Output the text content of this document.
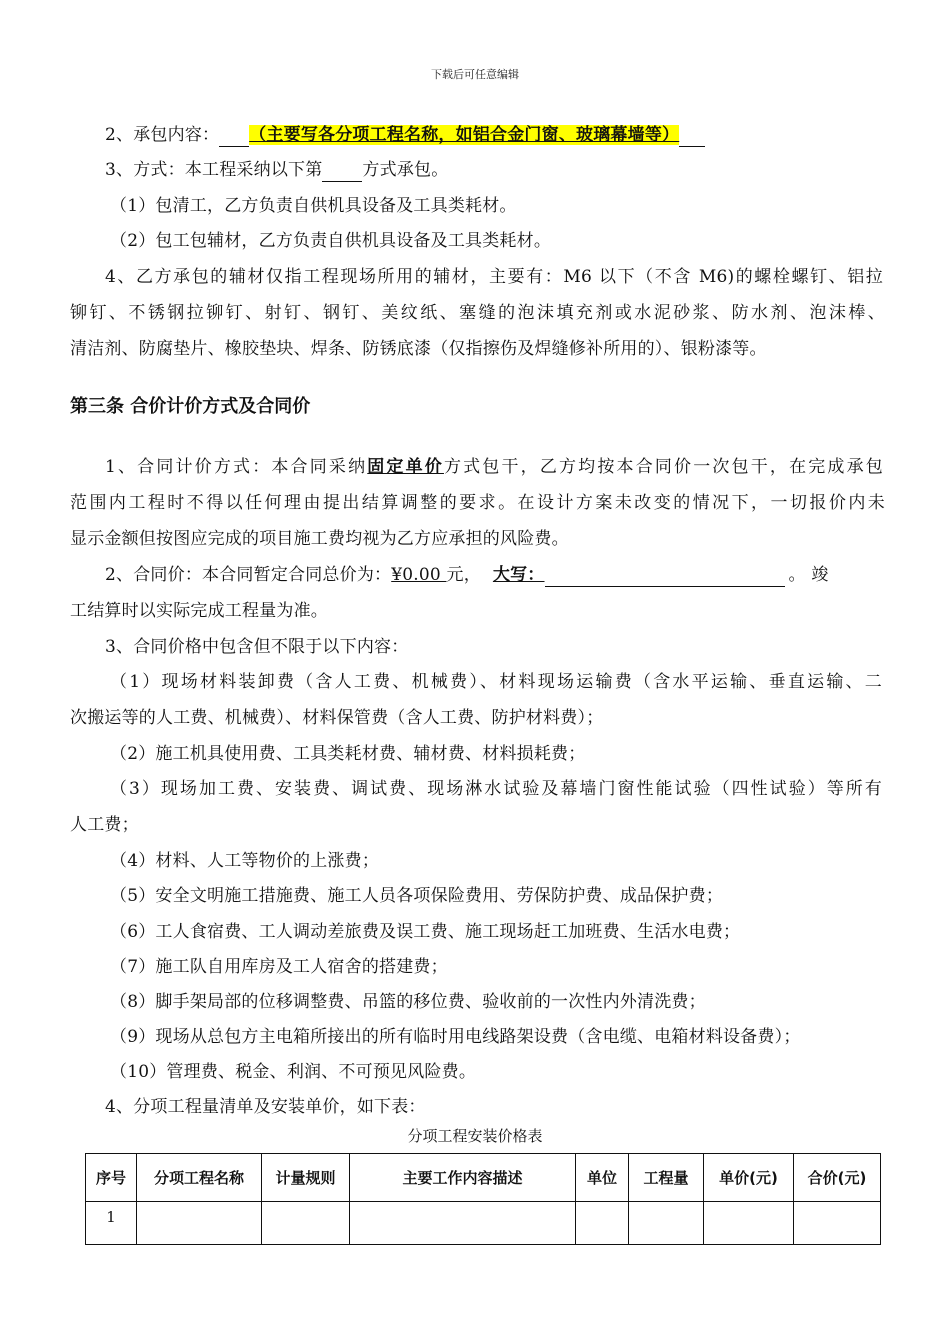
下载后可任意编辑
2、承包内容： （主要写各分项工程名称，如铝合金门窗、玻璃幕墙等）
3、方式：本工程采纳以下第 方式承包。
（1）包清工，乙方负责自供机具设备及工具类耗材。
（2）包工包辅材，乙方负责自供机具设备及工具类耗材。
4、乙方承包的辅材仅指工程现场所用的辅材，主要有：M6 以下（不含 M6)的螺栓螺钉、铝拉
铆钉、不锈钢拉铆钉、射钉、钢钉、美纹纸、塞缝的泡沫填充剂或水泥砂浆、防水剂、泡沫棒、
清洁剂、防腐垫片、橡胶垫块、焊条、防锈底漆（仅指擦伤及焊缝修补所用的）、银粉漆等。
第三条 合价计价方式及合同价
1、合同计价方式：本合同采纳固定单价方式包干，乙方均按本合同价一次包干，在完成承包
范围内工程时不得以任何理由提出结算调整的要求。在设计方案未改变的情况下，一切报价内未
显示金额但按图应完成的项目施工费均视为乙方应承担的风险费。
2、合同价：本合同暂定合同总价为：¥0.00 元， 大写：	。 竣
工结算时以实际完成工程量为准。
3、合同价格中包含但不限于以下内容：
（1）现场材料装卸费（含人工费、机械费）、材料现场运输费（含水平运输、垂直运输、二
次搬运等的人工费、机械费）、材料保管费（含人工费、防护材料费）；
（2）施工机具使用费、工具类耗材费、辅材费、材料损耗费；
（3）现场加工费、安装费、调试费、现场淋水试验及幕墙门窗性能试验（四性试验）等所有
人工费；
（4）材料、人工等物价的上涨费；
（5）安全文明施工措施费、施工人员各项保险费用、劳保防护费、成品保护费；
（6）工人食宿费、工人调动差旅费及误工费、施工现场赶工加班费、生活水电费；
（7）施工队自用库房及工人宿舍的搭建费；
（8）脚手架局部的位移调整费、吊篮的移位费、验收前的一次性内外清洗费；
（9）现场从总包方主电箱所接出的所有临时用电线路架设费（含电缆、电箱材料设备费）；
（10）管理费、税金、利润、不可预见风险费。
4、分项工程量清单及安装单价，如下表：
分项工程安装价格表
序号	分项工程名称	计量规则	主要工作内容描述	单位	工程量	单价(元)	合价(元)
1							
